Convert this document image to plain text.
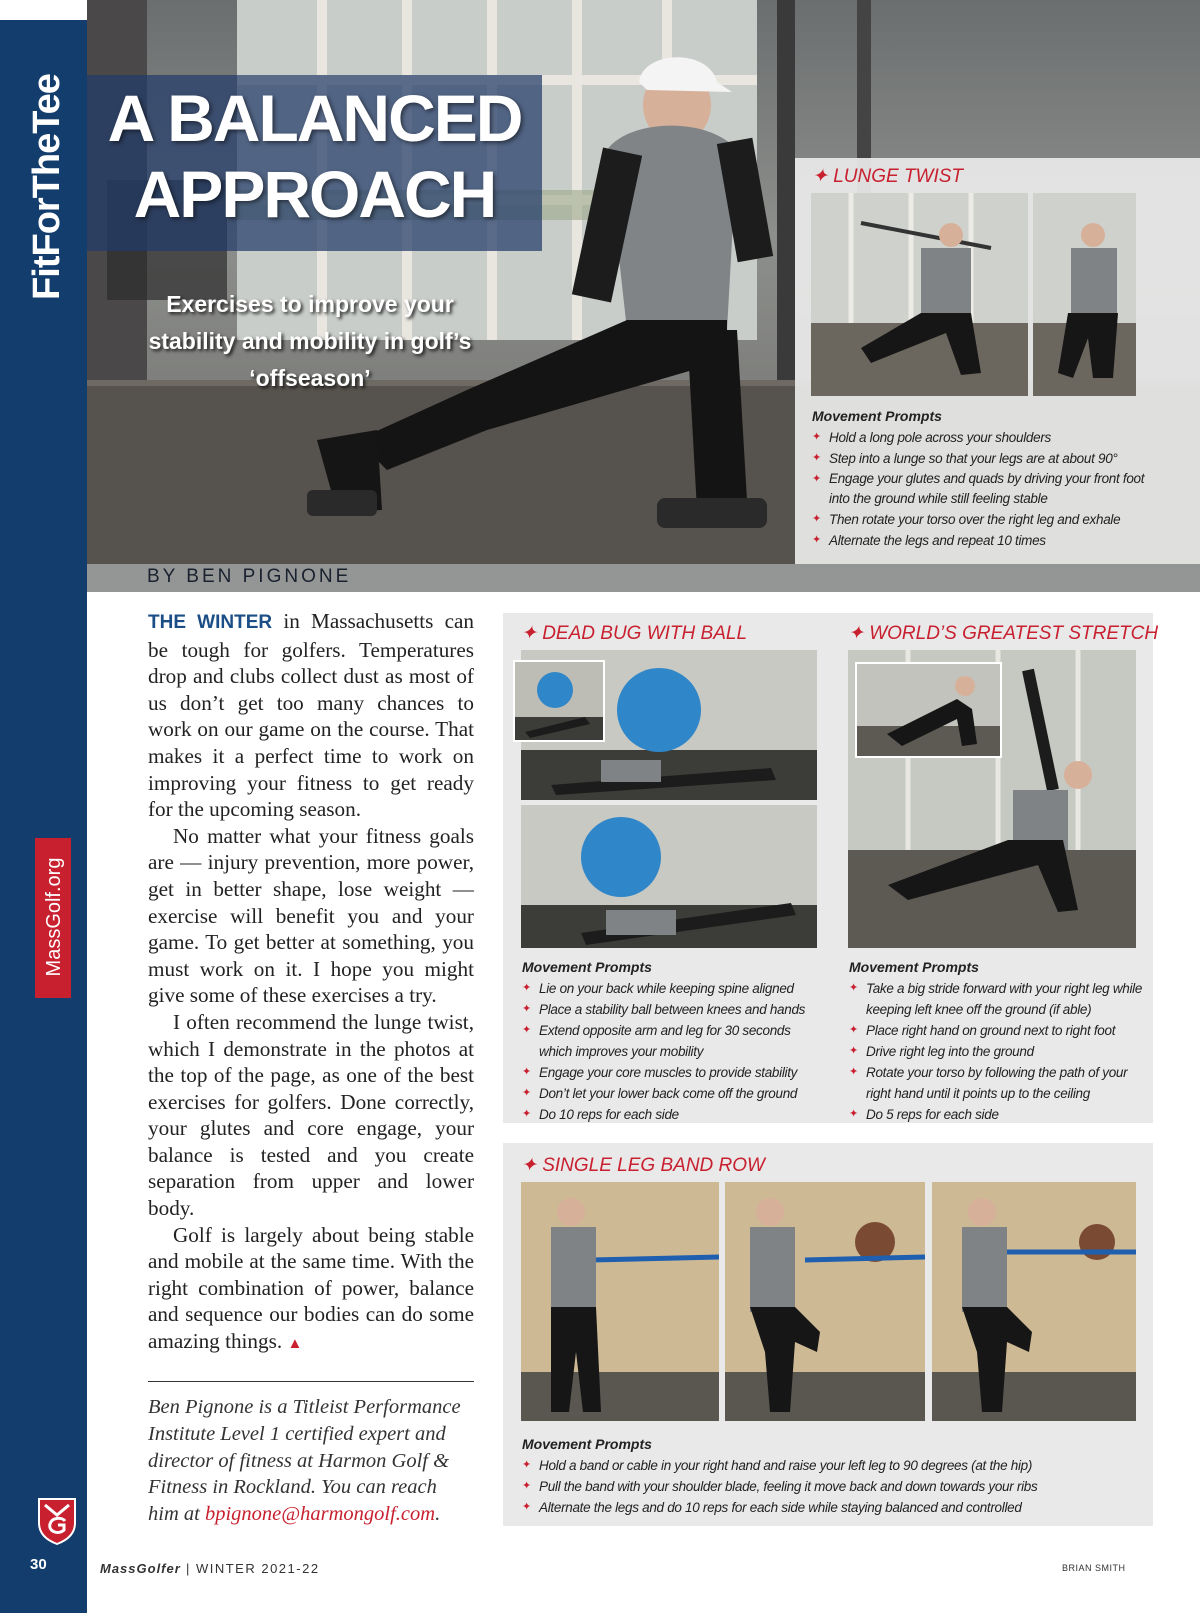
FitForTheTee
MassGolf.org
30
A BALANCED APPROACH
Exercises to improve your stability and mobility in golf’s ‘offseason’
BY BEN PIGNONE
✦ LUNGE TWIST
Movement Prompts
✦ Hold a long pole across your shoulders
✦ Step into a lunge so that your legs are at about 90°
✦ Engage your glutes and quads by driving your front foot into the ground while still feeling stable
✦ Then rotate your torso over the right leg and exhale
✦ Alternate the legs and repeat 10 times
✦ DEAD BUG WITH BALL
Movement Prompts
✦ Lie on your back while keeping spine aligned
✦ Place a stability ball between knees and hands
✦ Extend opposite arm and leg for 30 seconds which improves your mobility
✦ Engage your core muscles to provide stability
✦ Don’t let your lower back come off the ground
✦ Do 10 reps for each side
✦ WORLD’S GREATEST STRETCH
Movement Prompts
✦ Take a big stride forward with your right leg while keeping left knee off the ground (if able)
✦ Place right hand on ground next to right foot
✦ Drive right leg into the ground
✦ Rotate your torso by following the path of your right hand until it points up to the ceiling
✦ Do 5 reps for each side
✦ SINGLE LEG BAND ROW
Movement Prompts
✦ Hold a band or cable in your right hand and raise your left leg to 90 degrees (at the hip)
✦ Pull the band with your shoulder blade, feeling it move back and down towards your ribs
✦ Alternate the legs and do 10 reps for each side while staying balanced and controlled

THE WINTER in Massachusetts can be tough for golfers. Temperatures drop and clubs collect dust as most of us don’t get too many chances to work on our game on the course. That makes it a perfect time to work on improving your fitness to get ready for the upcoming season.

No matter what your fitness goals are — injury prevention, more power, get in better shape, lose weight — exercise will benefit you and your game. To get better at something, you must work on it. I hope you might give some of these exercises a try.

I often recommend the lunge twist, which I demonstrate in the photos at the top of the page, as one of the best exercises for golfers. Done correctly, your glutes and core engage, your balance is tested and you create separation from upper and lower body.

Golf is largely about being stable and mobile at the same time. With the right combination of power, balance and sequence our bodies can do some amazing things. ▲

Ben Pignone is a Titleist Performance Institute Level 1 certified expert and director of fitness at Harmon Golf & Fitness in Rockland. You can reach him at bpignone@harmongolf.com.
MassGolfer | WINTER 2021-22	BRIAN SMITH
